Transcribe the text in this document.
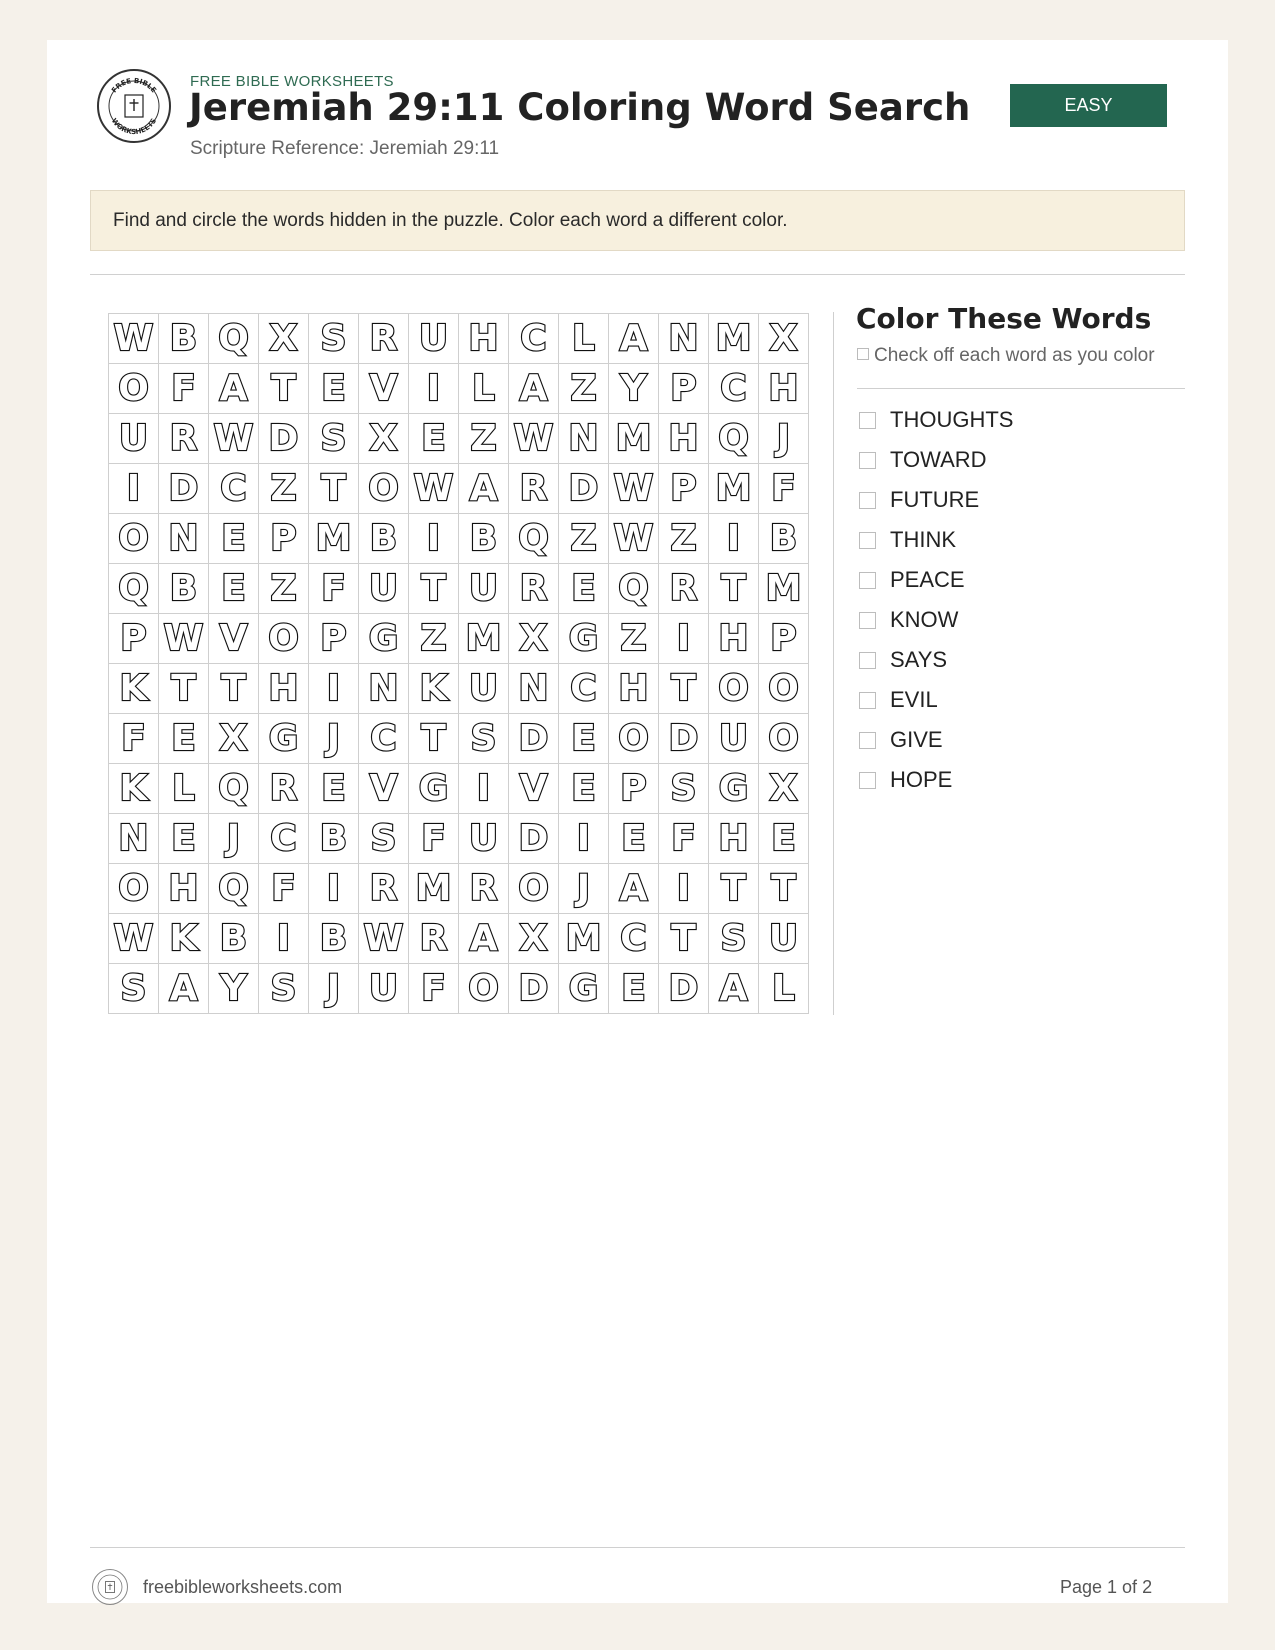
FREE BIBLE
WORKSHEETS
FREE BIBLE WORKSHEETS
Jeremiah 29:11 Coloring Word Search
Scripture Reference: Jeremiah 29:11
EASY
Find and circle the words hidden in the puzzle. Color each word a different color.
W	B	Q	X	S	R	U	H	C	L	A	N	M	X
O	F	A	T	E	V	I	L	A	Z	Y	P	C	H
U	R	W	D	S	X	E	Z	W	N	M	H	Q	J
I	D	C	Z	T	O	W	A	R	D	W	P	M	F
O	N	E	P	M	B	I	B	Q	Z	W	Z	I	B
Q	B	E	Z	F	U	T	U	R	E	Q	R	T	M
P	W	V	O	P	G	Z	M	X	G	Z	I	H	P
K	T	T	H	I	N	K	U	N	C	H	T	O	O
F	E	X	G	J	C	T	S	D	E	O	D	U	O
K	L	Q	R	E	V	G	I	V	E	P	S	G	X
N	E	J	C	B	S	F	U	D	I	E	F	H	E
O	H	Q	F	I	R	M	R	O	J	A	I	T	T
W	K	B	I	B	W	R	A	X	M	C	T	S	U
S	A	Y	S	J	U	F	O	D	G	E	D	A	L
Color These Words
Check off each word as you color
THOUGHTS
TOWARD
FUTURE
THINK
PEACE
KNOW
SAYS
EVIL
GIVE
HOPE
freebibleworksheets.com	Page 1 of 2
